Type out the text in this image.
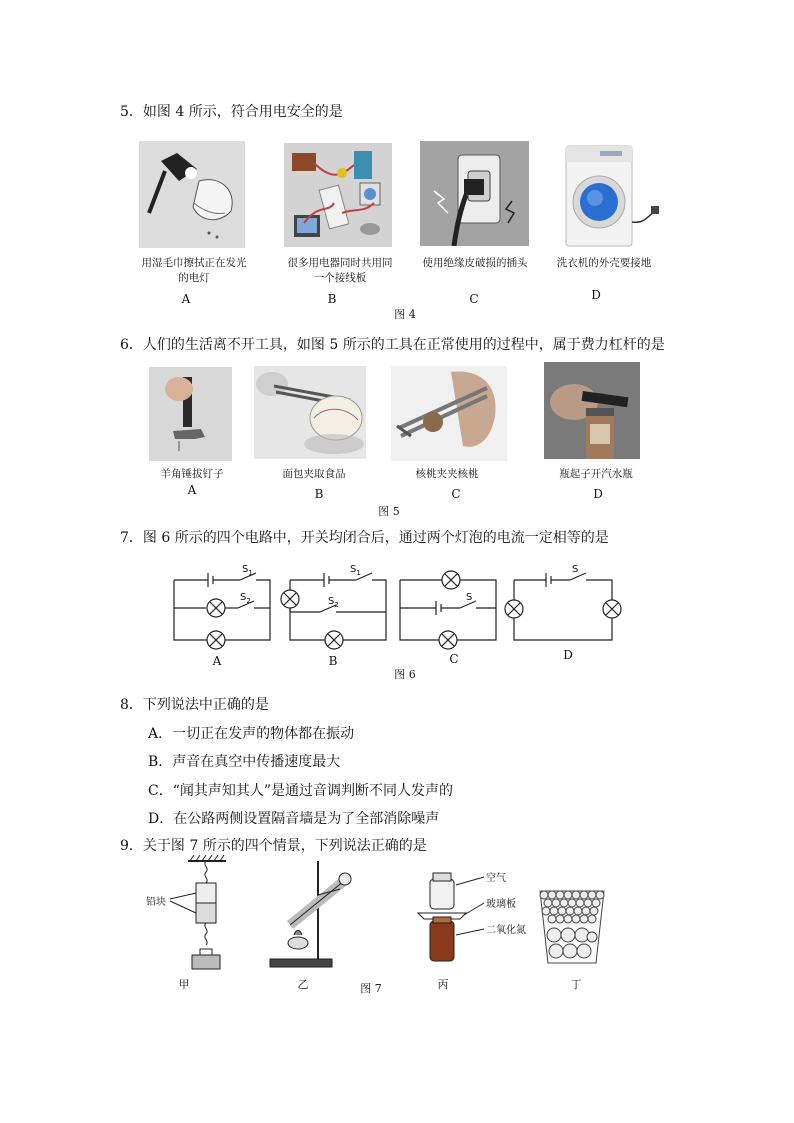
5．如图 4 所示，符合用电安全的是
用湿毛巾擦拭正在发光的电灯
A
很多用电器同时共用同一个接线板
B
使用绝缘皮破损的插头
C
洗衣机的外壳要接地
D
图 4
6．人们的生活离不开工具，如图 5 所示的工具在正常使用的过程中，属于费力杠杆的是
羊角锤拔钉子
A
面包夹取食品
B
核桃夹夹核桃
C
瓶起子开汽水瓶
D
图 5
7．图 6 所示的四个电路中，开关均闭合后，通过两个灯泡的电流一定相等的是
$S_1$
$S_2$
$S_1$
$S_2$
S
S
A	B	C	D
图 6
8．下列说法中正确的是
A．一切正在发声的物体都在振动
B．声音在真空中传播速度最大
C．“闻其声知其人”是通过音调判断不同人发声的
D．在公路两侧设置隔音墙是为了全部消除噪声
9．关于图 7 所示的四个情景，下列说法正确的是
铅块
空气
玻璃板
二氧化氮
甲	乙	图 7	丙	丁
